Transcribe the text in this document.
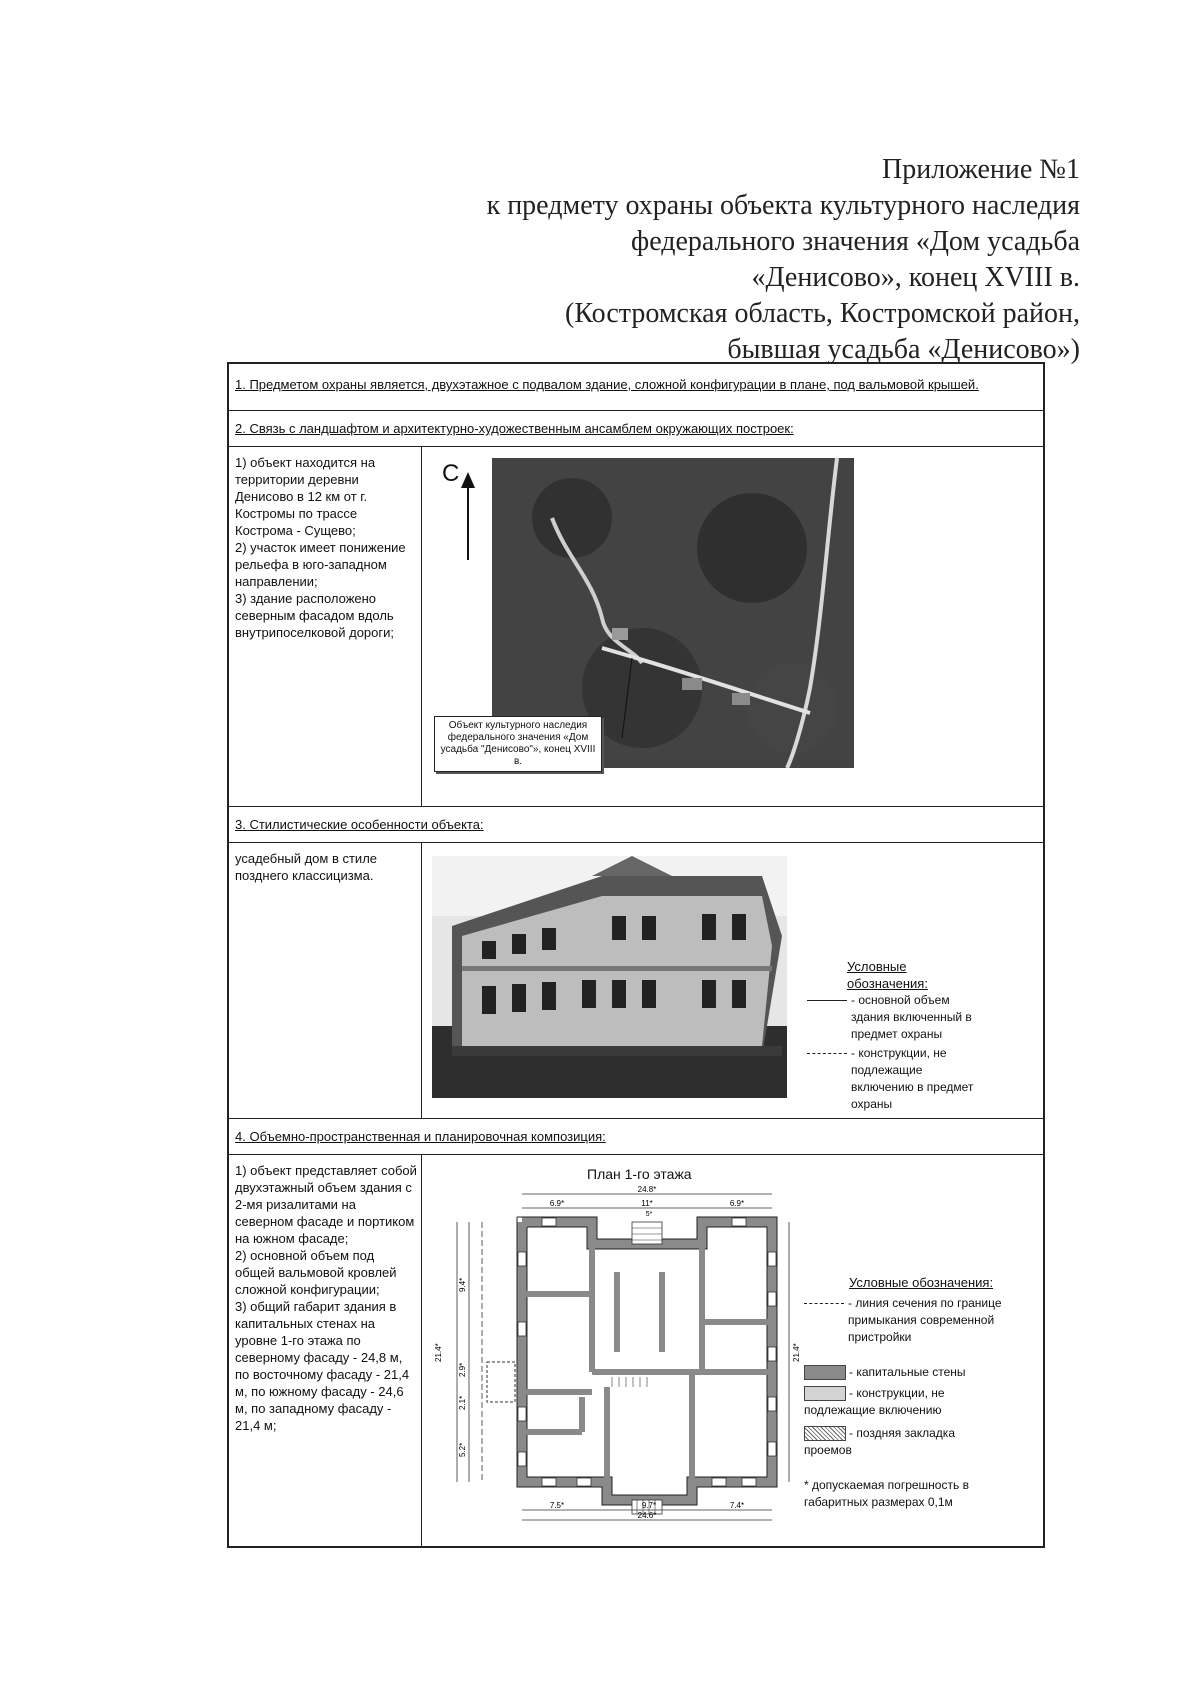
Приложение №1
к предмету охраны объекта культурного наследия
федерального значения «Дом усадьба
«Денисово», конец XVIII в.
(Костромская область, Костромской район,
бывшая усадьба «Денисово»)
1. Предметом охраны является, двухэтажное с подвалом здание, сложной конфигурации в плане, под вальмовой крышей.
2. Связь с ландшафтом и архитектурно-художественным ансамблем окружающих построек:

1) объект находится на территории деревни Денисово в 12 км от г. Костромы по трассе Кострома - Сущево;
2) участок имеет понижение рельефа в юго-западном направлении;
3) здание расположено северным фасадом вдоль внутрипоселковой дороги;

С
Объект культурного наследия федерального значения «Дом усадьба "Денисово"», конец XVIII в.
3. Стилистические особенности объекта:

усадебный дом в стиле позднего классицизма.

Условные обозначения:
- основной объем здания включенный в предмет охраны
- конструкции, не подлежащие включению в предмет охраны
4. Объемно-пространственная и планировочная композиция:

1) объект представляет собой двухэтажный объем здания с 2-мя ризалитами на северном фасаде и портиком на южном фасаде;
2) основной объем под общей вальмовой кровлей сложной конфигурации;
3) общий габарит здания в капитальных стенах на уровне 1-го этажа по северному фасаду - 24,8 м, по восточному фасаду - 21,4 м, по южному фасаду - 24,6 м, по западному фасаду - 21,4 м;

План 1-го этажа
24.8*
6.9*	11*	6.9*
5*
21.4*
9.4*
2.9*
2.1*
5.2*
21.4*
7.5*	9.7*	7.4*
24.6*
Условные обозначения:
- линия сечения по границе примыкания современной пристройки
- капитальные стены
- конструкции, не подлежащие включению
- поздняя закладка проемов
* допускаемая погрешность в габаритных размерах 0,1м
